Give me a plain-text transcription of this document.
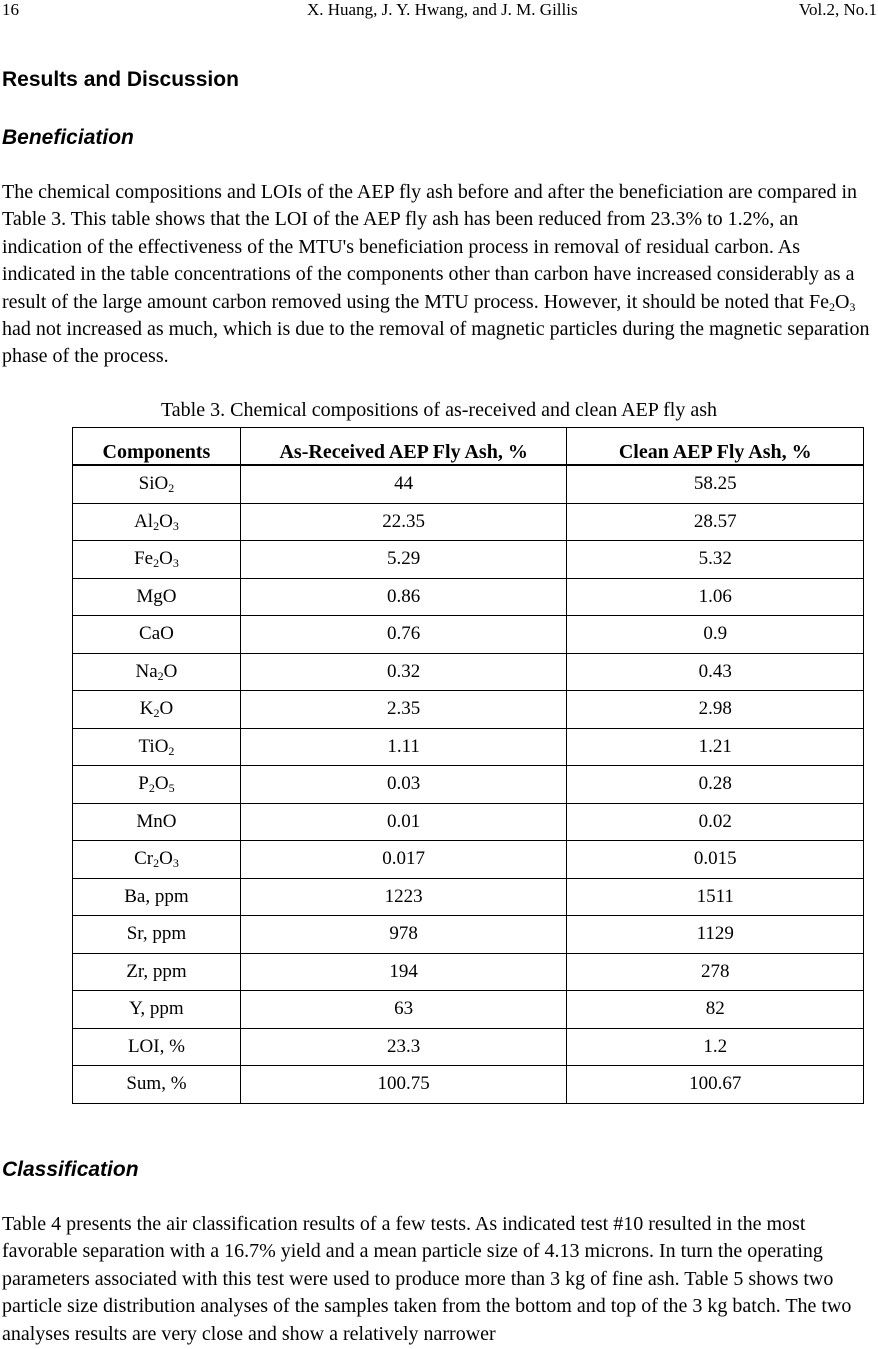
16	X. Huang, J. Y. Hwang, and J. M. Gillis	Vol.2, No.1
Results and Discussion
Beneficiation

The chemical compositions and LOIs of the AEP fly ash before and after the beneficiation are compared in Table 3. This table shows that the LOI of the AEP fly ash has been reduced from 23.3% to 1.2%, an indication of the effectiveness of the MTU's beneficiation process in removal of residual carbon. As indicated in the table concentrations of the components other than carbon have increased considerably as a result of the large amount carbon removed using the MTU process. However, it should be noted that $Fe_2O_3$ had not increased as much, which is due to the removal of magnetic particles during the magnetic separation phase of the process.

Table 3. Chemical compositions of as-received and clean AEP fly ash
Components	As-Received AEP Fly Ash, %	Clean AEP Fly Ash, %
SiO$_2$	44	58.25
$Al_2O_3$	22.35	28.57
$Fe_2O_3$	5.29	5.32
MgO	0.86	1.06
CaO	0.76	0.9
$Na_2O$	0.32	0.43
$K_2O$	2.35	2.98
TiO$_2$	1.11	1.21
$P_2O_5$	0.03	0.28
MnO	0.01	0.02
$Cr_2O_3$	0.017	0.015
Ba, ppm	1223	1511
Sr, ppm	978	1129
Zr, ppm	194	278
Y, ppm	63	82
LOI, %	23.3	1.2
Sum, %	100.75	100.67
Classification

Table 4 presents the air classification results of a few tests. As indicated test #10 resulted in the most favorable separation with a 16.7% yield and a mean particle size of 4.13 microns. In turn the operating parameters associated with this test were used to produce more than 3 kg of fine ash. Table 5 shows two particle size distribution analyses of the samples taken from the bottom and top of the 3 kg batch. The two analyses results are very close and show a relatively narrower
